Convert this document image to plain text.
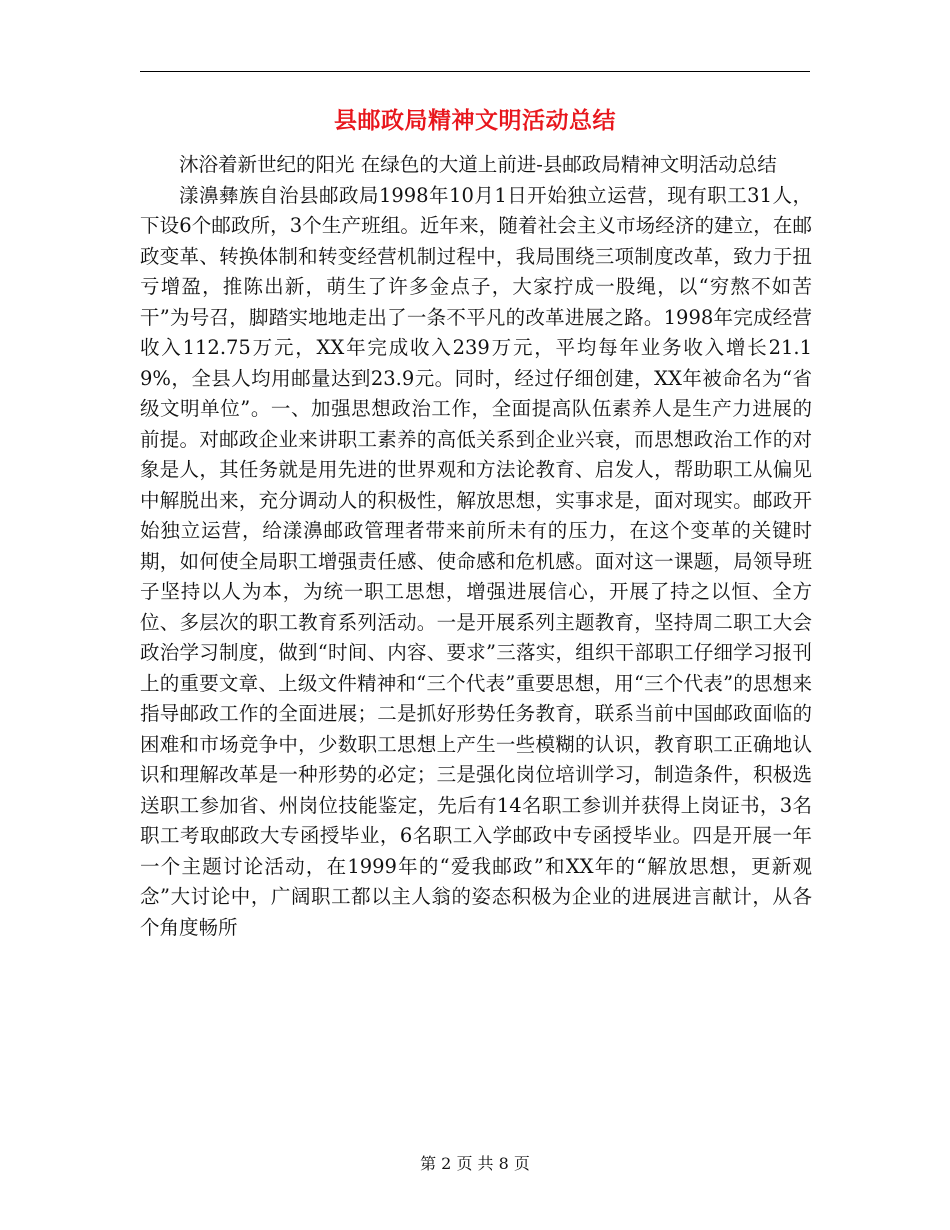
县邮政局精神文明活动总结

沐浴着新世纪的阳光 在绿色的大道上前进-县邮政局精神文明活动总结

漾濞彝族自治县邮政局1998年10月1日开始独立运营，现有职工31人，下设6个邮政所，3个生产班组。近年来，随着社会主义市场经济的建立，在邮政变革、转换体制和转变经营机制过程中，我局围绕三项制度改革，致力于扭亏增盈，推陈出新，萌生了许多金点子，大家拧成一股绳，以“穷熬不如苦干”为号召，脚踏实地地走出了一条不平凡的改革进展之路。1998年完成经营收入112.75万元，XX年完成收入239万元，平均每年业务收入增长21.19%，全县人均用邮量达到23.9元。同时，经过仔细创建，XX年被命名为“省级文明单位”。一、加强思想政治工作，全面提高队伍素养人是生产力进展的前提。对邮政企业来讲职工素养的高低关系到企业兴衰，而思想政治工作的对象是人，其任务就是用先进的世界观和方法论教育、启发人，帮助职工从偏见中解脱出来，充分调动人的积极性，解放思想，实事求是，面对现实。邮政开始独立运营，给漾濞邮政管理者带来前所未有的压力，在这个变革的关键时期，如何使全局职工增强责任感、使命感和危机感。面对这一课题，局领导班子坚持以人为本，为统一职工思想，增强进展信心，开展了持之以恒、全方位、多层次的职工教育系列活动。一是开展系列主题教育，坚持周二职工大会政治学习制度，做到“时间、内容、要求”三落实，组织干部职工仔细学习报刊上的重要文章、上级文件精神和“三个代表”重要思想，用“三个代表”的思想来指导邮政工作的全面进展；二是抓好形势任务教育，联系当前中国邮政面临的困难和市场竞争中，少数职工思想上产生一些模糊的认识，教育职工正确地认识和理解改革是一种形势的必定；三是强化岗位培训学习，制造条件，积极选送职工参加省、州岗位技能鉴定，先后有14名职工参训并获得上岗证书，3名职工考取邮政大专函授毕业，6名职工入学邮政中专函授毕业。四是开展一年一个主题讨论活动，在1999年的“爱我邮政”和XX年的“解放思想，更新观念”大讨论中，广阔职工都以主人翁的姿态积极为企业的进展进言献计，从各个角度畅所

第 2 页 共 8 页
